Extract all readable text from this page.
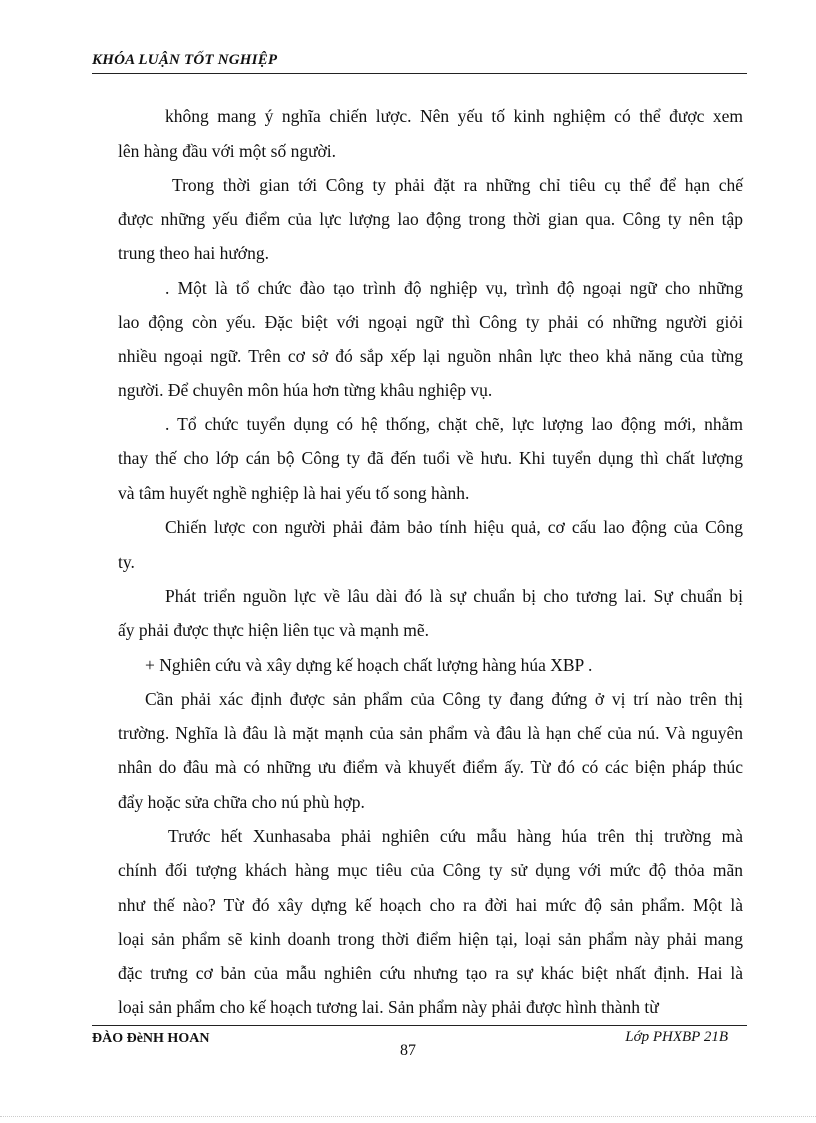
KHÓA LUẬN TỐT NGHIỆP
không mang ý nghĩa chiến lược. Nên yếu tố kinh nghiệm có thể được xem
lên hàng đầu với một số người.
Trong thời gian tới Công ty phải đặt ra những chỉ tiêu cụ thể để hạn chế
được những yếu điểm của lực lượng lao động trong thời gian qua. Công ty nên tập
trung theo hai hướng.
. Một là tổ chức đào tạo trình độ nghiệp vụ, trình độ ngoại ngữ cho những
lao động còn yếu. Đặc biệt với ngoại ngữ thì Công ty phải có những người giỏi
nhiều ngoại ngữ. Trên cơ sở đó sắp xếp lại nguồn nhân lực theo khả năng của từng
người. Để chuyên môn húa hơn từng khâu nghiệp vụ.
. Tổ chức tuyển dụng có hệ thống, chặt chẽ, lực lượng lao động mới, nhằm
thay thế cho lớp cán bộ Công ty đã đến tuổi về hưu. Khi tuyển dụng thì chất lượng
và tâm huyết nghề nghiệp là hai yếu tố song hành.
Chiến lược con người phải đảm bảo tính hiệu quả, cơ cấu lao động của Công
ty.
Phát triển nguồn lực về lâu dài đó là sự chuẩn bị cho tương lai. Sự chuẩn bị
ấy phải được thực hiện liên tục và mạnh mẽ.
+ Nghiên cứu và xây dựng kế hoạch chất lượng hàng húa XBP .
Cần phải xác định được sản phẩm của Công ty đang đứng ở vị trí nào trên thị
trường. Nghĩa là đâu là mặt mạnh của sản phẩm và đâu là hạn chế của nú. Và nguyên
nhân do đâu mà có những ưu điểm và khuyết điểm ấy. Từ đó có các biện pháp thúc
đẩy hoặc sửa chữa cho nú phù hợp.
Trước hết Xunhasaba phải nghiên cứu mẫu hàng húa trên thị trường mà
chính đối tượng khách hàng mục tiêu của Công ty sử dụng với mức độ thỏa mãn
như thế nào? Từ đó xây dựng kế hoạch cho ra đời hai mức độ sản phẩm. Một là
loại sản phẩm sẽ kinh doanh trong thời điểm hiện tại, loại sản phẩm này phải mang
đặc trưng cơ bản của mẫu nghiên cứu nhưng tạo ra sự khác biệt nhất định. Hai là
loại sản phẩm cho kế hoạch tương lai. Sản phẩm này phải được hình thành từ
ĐÀO ĐèNH HOAN	Lớp PHXBP 21B
87
